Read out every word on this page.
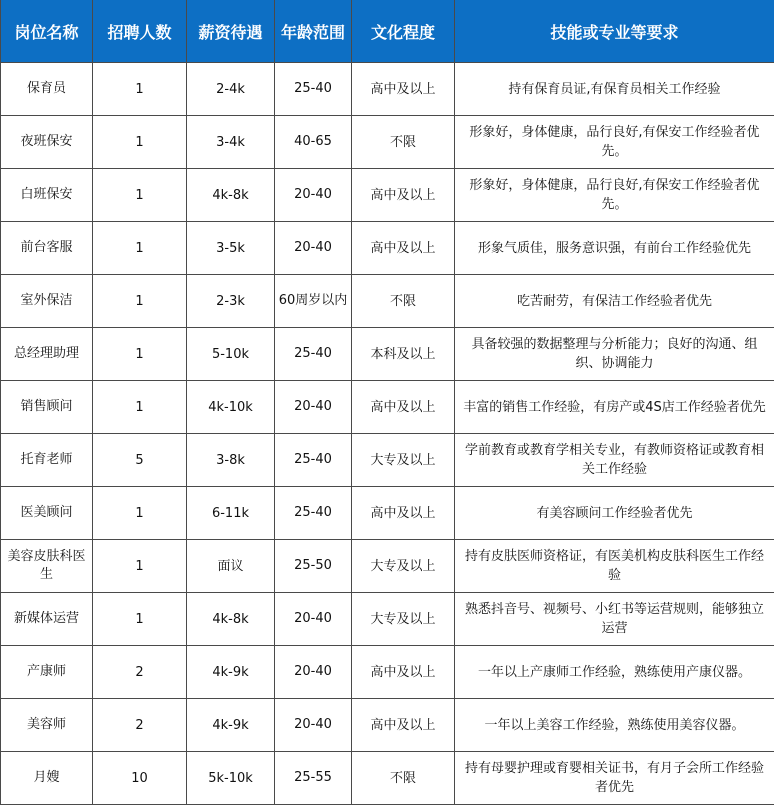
岗位名称	招聘人数	薪资待遇	年龄范围	文化程度	技能或专业等要求
保育员	1	2-4k	25-40	高中及以上	持有保育员证,有保育员相关工作经验
夜班保安	1	3-4k	40-65	不限	形象好，身体健康，品行良好,有保安工作经验者优先。
白班保安	1	4k-8k	20-40	高中及以上	形象好，身体健康，品行良好,有保安工作经验者优先。
前台客服	1	3-5k	20-40	高中及以上	形象气质佳，服务意识强，有前台工作经验优先
室外保洁	1	2-3k	60周岁以内	不限	吃苦耐劳，有保洁工作经验者优先
总经理助理	1	5-10k	25-40	本科及以上	具备较强的数据整理与分析能力；良好的沟通、组织、协调能力
销售顾问	1	4k-10k	20-40	高中及以上	丰富的销售工作经验，有房产或4S店工作经验者优先
托育老师	5	3-8k	25-40	大专及以上	学前教育或教育学相关专业，有教师资格证或教育相关工作经验
医美顾问	1	6-11k	25-40	高中及以上	有美容顾问工作经验者优先
美容皮肤科医生	1	面议	25-50	大专及以上	持有皮肤医师资格证，有医美机构皮肤科医生工作经验
新媒体运营	1	4k-8k	20-40	大专及以上	熟悉抖音号、视频号、小红书等运营规则，能够独立运营
产康师	2	4k-9k	20-40	高中及以上	一年以上产康师工作经验，熟练使用产康仪器。
美容师	2	4k-9k	20-40	高中及以上	一年以上美容工作经验，熟练使用美容仪器。
月嫂	10	5k-10k	25-55	不限	持有母婴护理或育婴相关证书，有月子会所工作经验者优先
